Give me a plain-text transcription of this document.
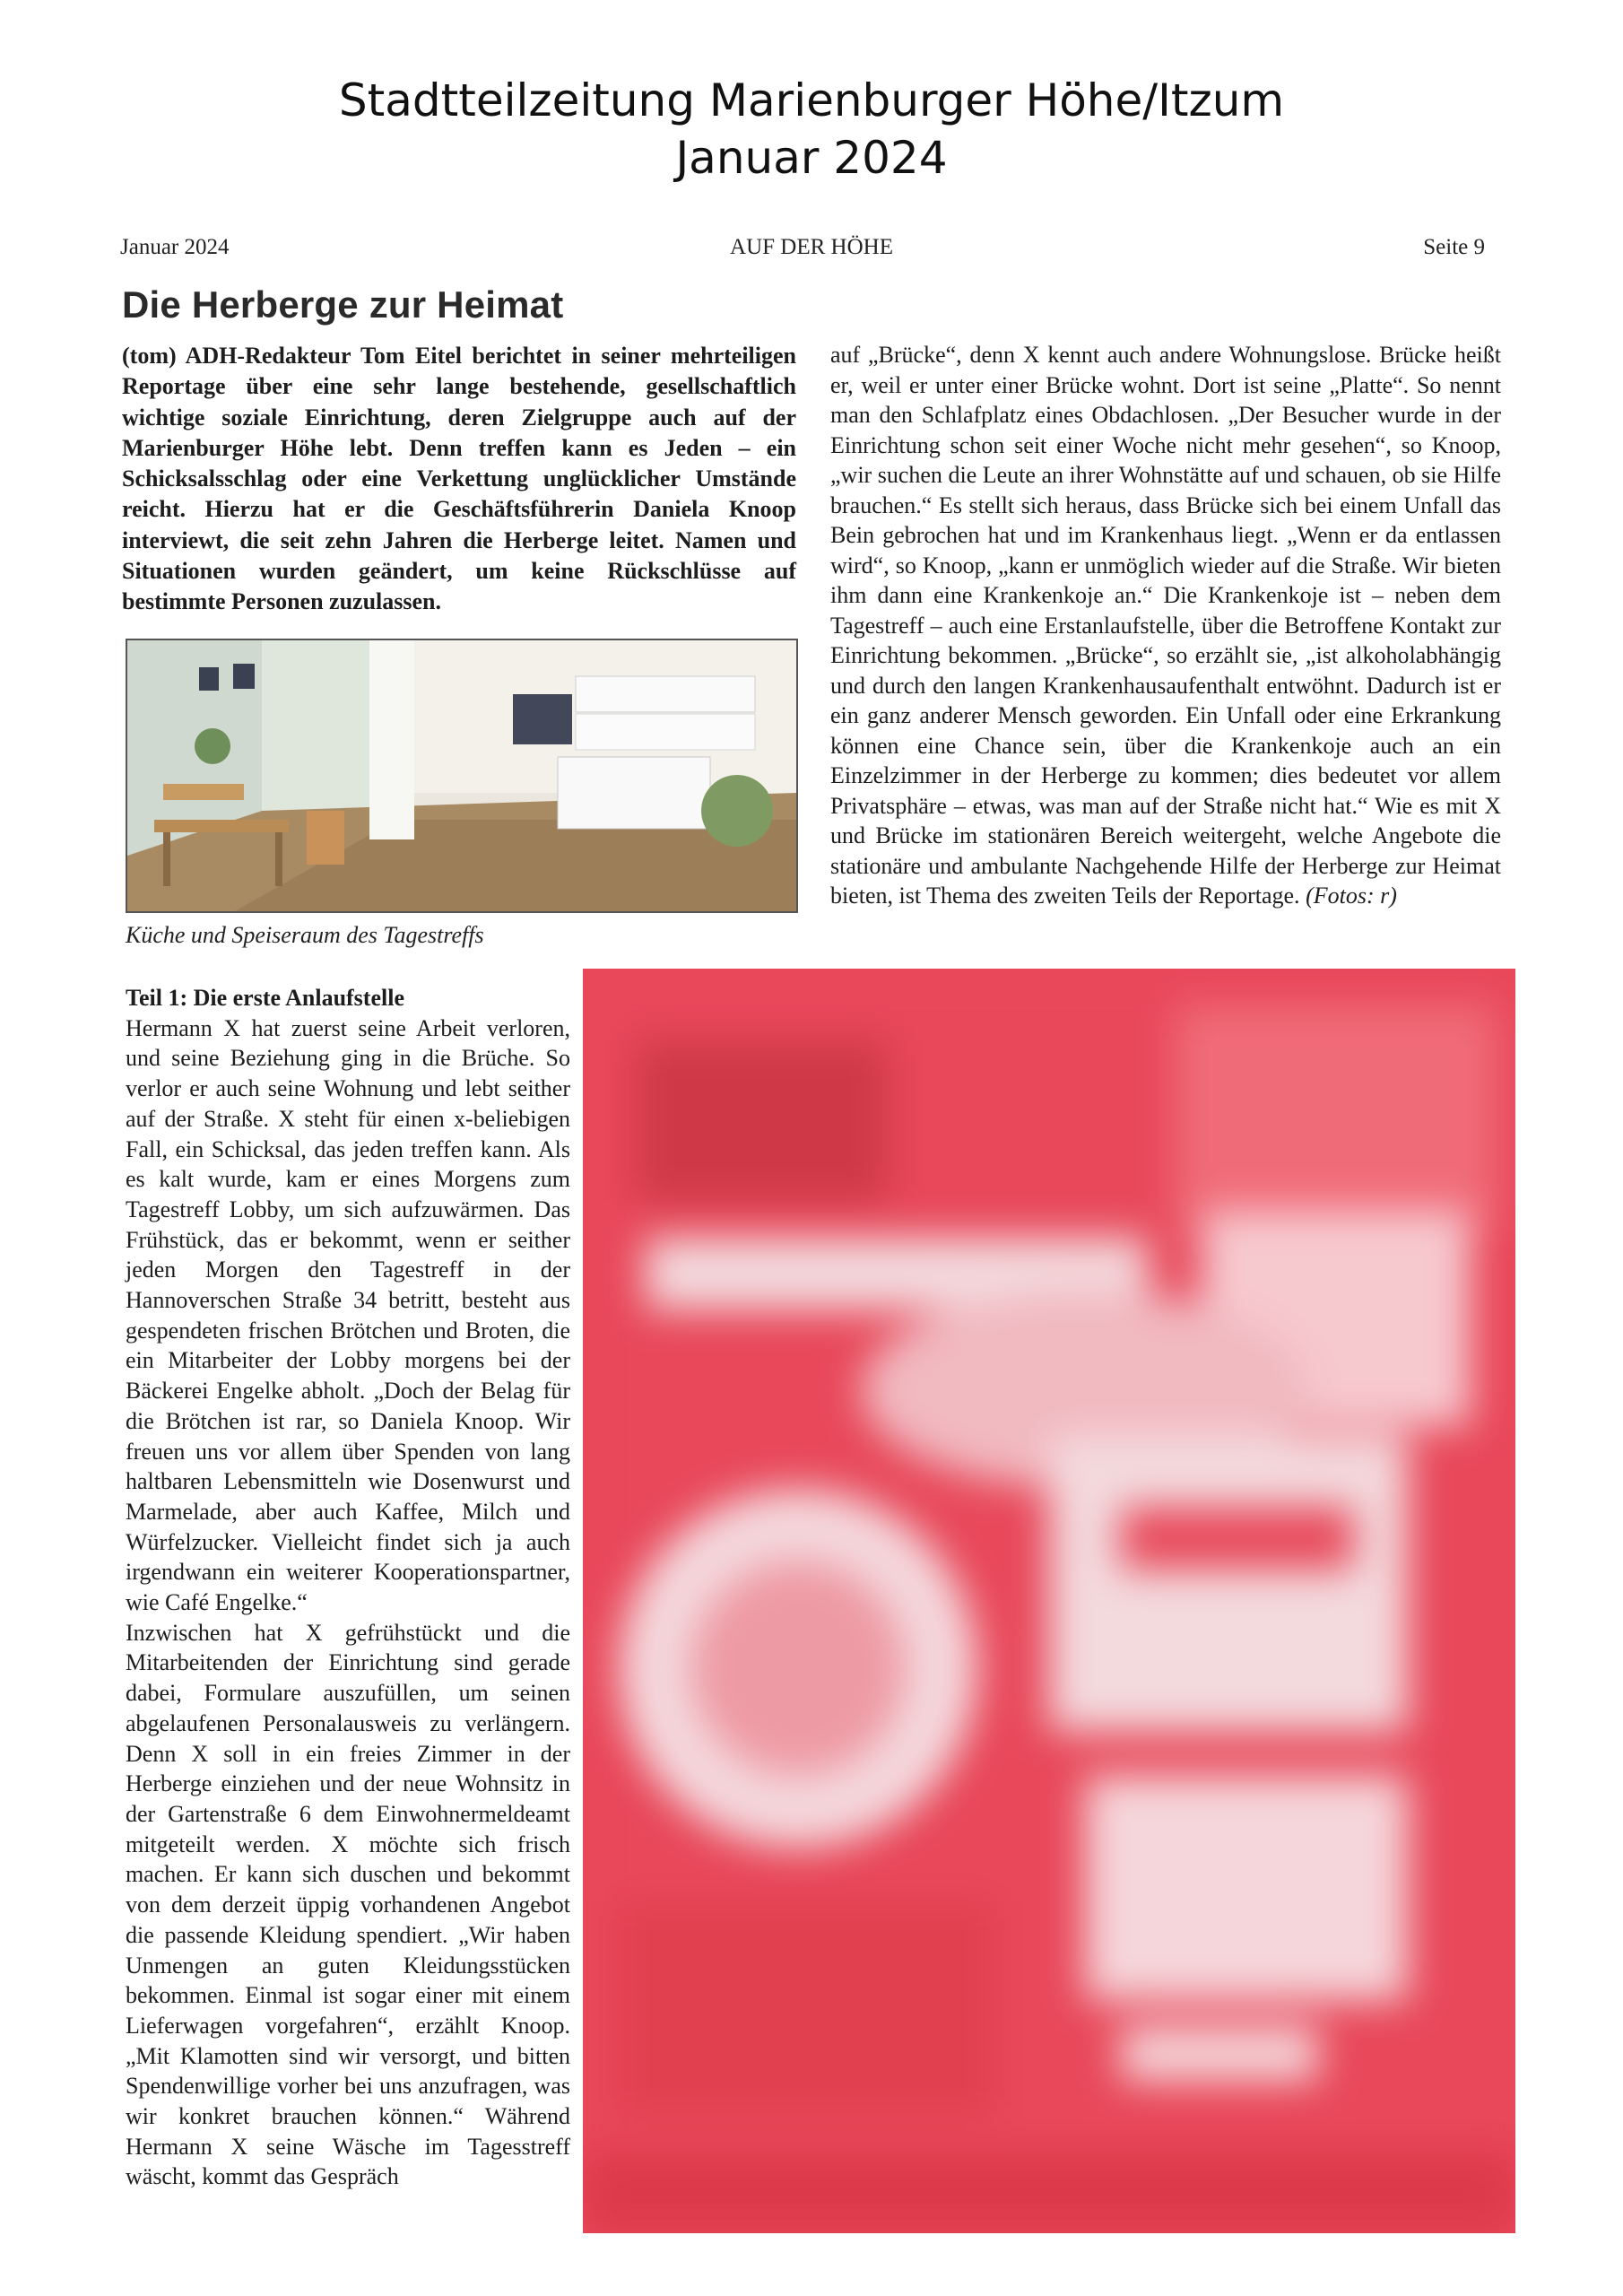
Stadtteilzeitung Marienburger Höhe/Itzum
Januar 2024
Januar 2024	AUF DER HÖHE	Seite 9
Die Herberge zur Heimat
(tom) ADH-Redakteur Tom Eitel berichtet in seiner mehrteiligen Reportage über eine sehr lange bestehende, gesellschaftlich wichtige soziale Einrichtung, deren Zielgruppe auch auf der Marienburger Höhe lebt. Denn treffen kann es Jeden – ein Schicksalsschlag oder eine Verkettung unglücklicher Umstände reicht. Hierzu hat er die Geschäftsführerin Daniela Knoop interviewt, die seit zehn Jahren die Herberge leitet. Namen und Situationen wurden geändert, um keine Rückschlüsse auf bestimmte Personen zuzulassen.
Küche und Speiseraum des Tagestreffs
auf „Brücke“, denn X kennt auch andere Wohnungslose. Brücke heißt er, weil er unter einer Brücke wohnt. Dort ist seine „Platte“. So nennt man den Schlafplatz eines Obdachlosen. „Der Besucher wurde in der Einrichtung schon seit einer Woche nicht mehr gesehen“, so Knoop, „wir suchen die Leute an ihrer Wohnstätte auf und schauen, ob sie Hilfe brauchen.“ Es stellt sich heraus, dass Brücke sich bei einem Unfall das Bein gebrochen hat und im Krankenhaus liegt. „Wenn er da entlassen wird“, so Knoop, „kann er unmöglich wieder auf die Straße. Wir bieten ihm dann eine Krankenkoje an.“ Die Krankenkoje ist – neben dem Tagestreff – auch eine Erstanlaufstelle, über die Betroffene Kontakt zur Einrichtung bekommen. „Brücke“, so erzählt sie, „ist alkoholabhängig und durch den langen Krankenhausaufenthalt entwöhnt. Dadurch ist er ein ganz anderer Mensch geworden. Ein Unfall oder eine Erkrankung können eine Chance sein, über die Krankenkoje auch an ein Einzelzimmer in der Herberge zu kommen; dies bedeutet vor allem Privatsphäre – etwas, was man auf der Straße nicht hat.“ Wie es mit X und Brücke im stationären Bereich weitergeht, welche Angebote die stationäre und ambulante Nachgehende Hilfe der Herberge zur Heimat bieten, ist Thema des zweiten Teils der Reportage. (Fotos: r)
Teil 1: Die erste Anlaufstelle
Hermann X hat zuerst seine Arbeit verloren, und seine Beziehung ging in die Brüche. So verlor er auch seine Wohnung und lebt seither auf der Straße. X steht für einen x-beliebigen Fall, ein Schicksal, das jeden treffen kann. Als es kalt wurde, kam er eines Morgens zum Tagestreff Lobby, um sich aufzuwärmen. Das Frühstück, das er bekommt, wenn er seither jeden Morgen den Tagestreff in der Hannoverschen Straße 34 betritt, besteht aus gespendeten frischen Brötchen und Broten, die ein Mitarbeiter der Lobby morgens bei der Bäckerei Engelke abholt. „Doch der Belag für die Brötchen ist rar, so Daniela Knoop. Wir freuen uns vor allem über Spenden von lang haltbaren Lebensmitteln wie Dosenwurst und Marmelade, aber auch Kaffee, Milch und Würfelzucker. Vielleicht findet sich ja auch irgendwann ein weiterer Kooperationspartner, wie Café Engelke.“
Inzwischen hat X gefrühstückt und die Mitarbeitenden der Einrichtung sind gerade dabei, Formulare auszufüllen, um seinen abgelaufenen Personalausweis zu verlängern. Denn X soll in ein freies Zimmer in der Herberge einziehen und der neue Wohnsitz in der Gartenstraße 6 dem Einwohnermeldeamt mitgeteilt werden. X möchte sich frisch machen. Er kann sich duschen und bekommt von dem derzeit üppig vorhandenen Angebot die passende Kleidung spendiert. „Wir haben Unmengen an guten Kleidungsstücken bekommen. Einmal ist sogar einer mit einem Lieferwagen vorgefahren“, erzählt Knoop. „Mit Klamotten sind wir versorgt, und bitten Spendenwillige vorher bei uns anzufragen, was wir konkret brauchen können.“ Während Hermann X seine Wäsche im Tagesstreff wäscht, kommt das Gespräch
